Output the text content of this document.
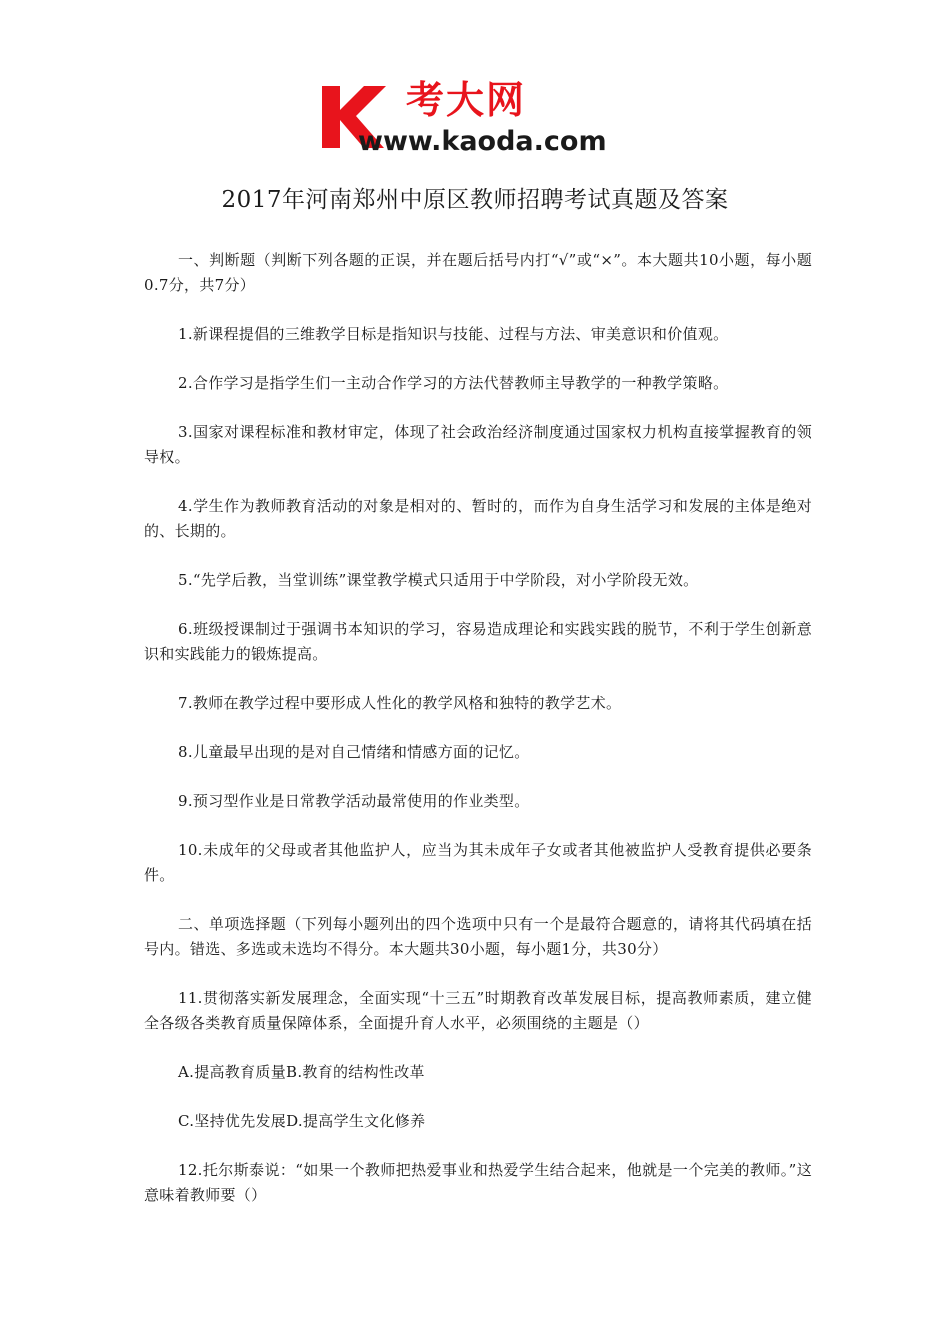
考大网
www.kaoda.com
2017年河南郑州中原区教师招聘考试真题及答案

一、判断题（判断下列各题的正误，并在题后括号内打“√”或“×”。本大题共10小题，每小题0.7分，共7分）

1.新课程提倡的三维教学目标是指知识与技能、过程与方法、审美意识和价值观。

2.合作学习是指学生们一主动合作学习的方法代替教师主导教学的一种教学策略。

3.国家对课程标准和教材审定，体现了社会政治经济制度通过国家权力机构直接掌握教育的领导权。

4.学生作为教师教育活动的对象是相对的、暂时的，而作为自身生活学习和发展的主体是绝对的、长期的。

5.“先学后教，当堂训练”课堂教学模式只适用于中学阶段，对小学阶段无效。

6.班级授课制过于强调书本知识的学习，容易造成理论和实践实践的脱节，不利于学生创新意识和实践能力的锻炼提高。

7.教师在教学过程中要形成人性化的教学风格和独特的教学艺术。

8.儿童最早出现的是对自己情绪和情感方面的记忆。

9.预习型作业是日常教学活动最常使用的作业类型。

10.未成年的父母或者其他监护人，应当为其未成年子女或者其他被监护人受教育提供必要条件。

二、单项选择题（下列每小题列出的四个选项中只有一个是最符合题意的，请将其代码填在括号内。错选、多选或未选均不得分。本大题共30小题，每小题1分，共30分）

11.贯彻落实新发展理念，全面实现“十三五”时期教育改革发展目标，提高教师素质，建立健全各级各类教育质量保障体系，全面提升育人水平，必须围绕的主题是（）

A.提高教育质量B.教育的结构性改革

C.坚持优先发展D.提高学生文化修养

12.托尔斯泰说：“如果一个教师把热爱事业和热爱学生结合起来，他就是一个完美的教师。”这意味着教师要（）
